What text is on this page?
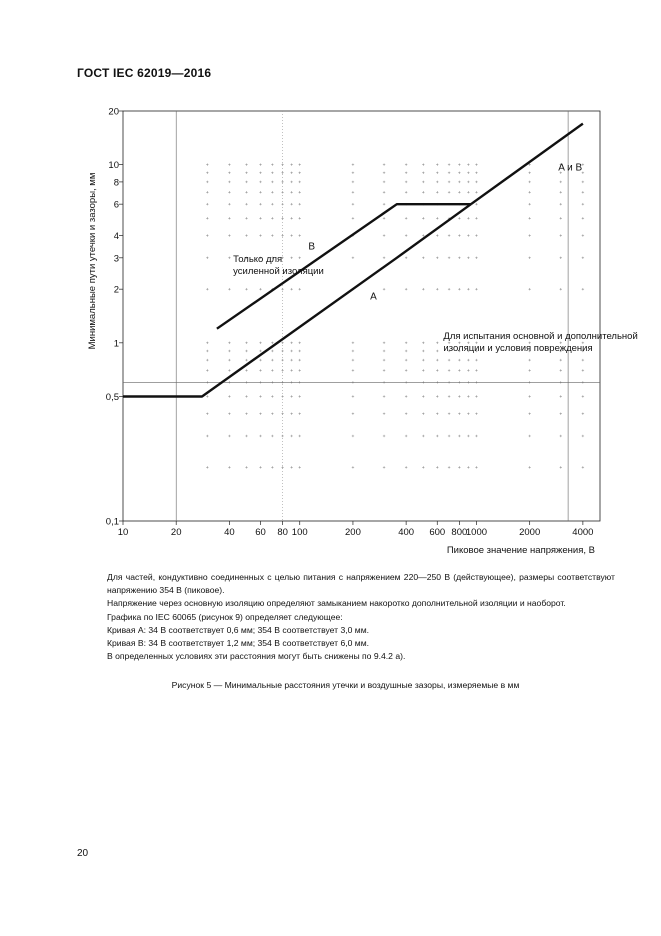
ГОСТ IEC 62019—2016
0,1
0,5
1
2
3
4
6
8
10
20
10	20	40 60 80 100	200	400 600 800
1000	2000	4000
Пиковое значение напряжения, В
Минимальные пути утечки и зазоры, мм	A
B
A и B
Только для
усиленной изоляции
Для испытания основной и дополнительной
изоляции и условия повреждения

Для частей, кондуктивно соединенных с целью питания с напряжением 220—250 В (действующее), размеры соответствуют напряжению 354 В (пиковое).

Напряжение через основную изоляцию определяют замыканием накоротко дополнительной изоляции и наоборот.

Графика по IEC 60065 (рисунок 9) определяет следующее:

Кривая А: 34 В соответствует 0,6 мм; 354 В соответствует 3,0 мм.

Кривая В: 34 В соответствует 1,2 мм; 354 В соответствует 6,0 мм.

В определенных условиях эти расстояния могут быть снижены по 9.4.2 а).

Рисунок 5 — Минимальные расстояния утечки и воздушные зазоры, измеряемые в мм
20
